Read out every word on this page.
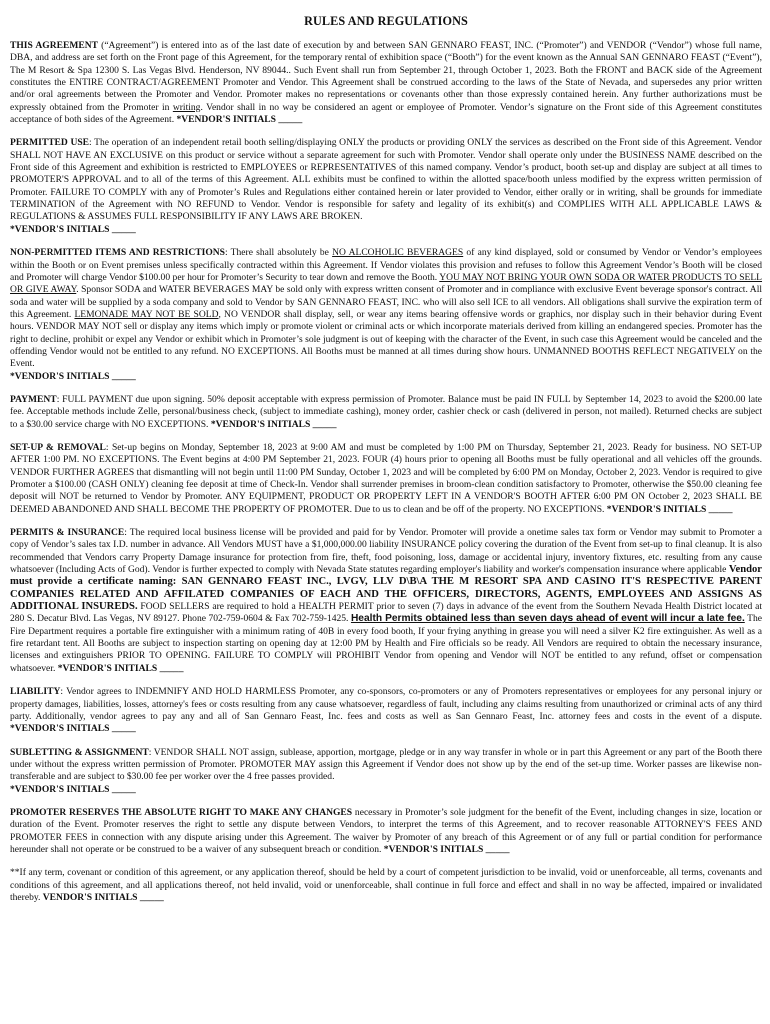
RULES AND REGULATIONS

THIS AGREEMENT (“Agreement”) is entered into as of the last date of execution by and between SAN GENNARO FEAST, INC. (“Promoter”) and VENDOR (“Vendor”) whose full name, DBA, and address are set forth on the Front page of this Agreement, for the temporary rental of exhibition space (“Booth”) for the event known as the Annual SAN GENNARO FEAST (“Event”), The M Resort & Spa 12300 S. Las Vegas Blvd. Henderson, NV 89044.. Such Event shall run from September 21, through October 1, 2023. Both the FRONT and BACK side of the Agreement constitutes the ENTIRE CONTRACT/AGREEMENT Promoter and Vendor. This Agreement shall be construed according to the laws of the State of Nevada, and supersedes any prior written and/or oral agreements between the Promoter and Vendor. Promoter makes no representations or covenants other than those expressly contained herein. Any further authorizations must be expressly obtained from the Promoter in writing. Vendor shall in no way be considered an agent or employee of Promoter. Vendor’s signature on the Front side of this Agreement constitutes acceptance of both sides of the Agreement. *VENDOR'S INITIALS _____

PERMITTED USE: The operation of an independent retail booth selling/displaying ONLY the products or providing ONLY the services as described on the Front side of this Agreement. Vendor SHALL NOT HAVE AN EXCLUSIVE on this product or service without a separate agreement for such with Promoter. Vendor shall operate only under the BUSINESS NAME described on the Front side of this Agreement and exhibition is restricted to EMPLOYEES or REPRESENTATIVES of this named company. Vendor’s product, booth set-up and display are subject at all times to PROMOTER'S APPROVAL and to all of the terms of this Agreement. ALL exhibits must be confined to within the allotted space/booth unless modified by the express written permission of Promoter. FAILURE TO COMPLY with any of Promoter’s Rules and Regulations either contained herein or later provided to Vendor, either orally or in writing, shall be grounds for immediate TERMINATION of the Agreement with NO REFUND to Vendor. Vendor is responsible for safety and legality of its exhibit(s) and COMPLIES WITH ALL APPLICABLE LAWS & REGULATIONS & ASSUMES FULL RESPONSIBILITY IF ANY LAWS ARE BROKEN.
*VENDOR'S INITIALS _____

NON-PERMITTED ITEMS AND RESTRICTIONS: There shall absolutely be NO ALCOHOLIC BEVERAGES of any kind displayed, sold or consumed by Vendor or Vendor’s employees within the Booth or on Event premises unless specifically contracted within this Agreement. If Vendor violates this provision and refuses to follow this Agreement Vendor’s Booth will be closed and Promoter will charge Vendor $100.00 per hour for Promoter’s Security to tear down and remove the Booth. YOU MAY NOT BRING YOUR OWN SODA OR WATER PRODUCTS TO SELL OR GIVE AWAY. Sponsor SODA and WATER BEVERAGES MAY be sold only with express written consent of Promoter and in compliance with exclusive Event beverage sponsor's contract. All soda and water will be supplied by a soda company and sold to Vendor by SAN GENNARO FEAST, INC. who will also sell ICE to all vendors. All obligations shall survive the expiration term of this Agreement. LEMONADE MAY NOT BE SOLD, NO VENDOR shall display, sell, or wear any items bearing offensive words or graphics, nor display such in their behavior during Event hours. VENDOR MAY NOT sell or display any items which imply or promote violent or criminal acts or which incorporate materials derived from killing an endangered species. Promoter has the right to decline, prohibit or expel any Vendor or exhibit which in Promoter’s sole judgment is out of keeping with the character of the Event, in such case this Agreement would be canceled and the offending Vendor would not be entitled to any refund. NO EXCEPTIONS. All Booths must be manned at all times during show hours. UNMANNED BOOTHS REFLECT NEGATIVELY on the Event.
*VENDOR'S INITIALS _____

PAYMENT: FULL PAYMENT due upon signing. 50% deposit acceptable with express permission of Promoter. Balance must be paid IN FULL by September 14, 2023 to avoid the $200.00 late fee. Acceptable methods include Zelle, personal/business check, (subject to immediate cashing), money order, cashier check or cash (delivered in person, not mailed). Returned checks are subject to a $30.00 service charge with NO EXCEPTIONS. *VENDOR'S INITIALS _____

SET-UP & REMOVAL: Set-up begins on Monday, September 18, 2023 at 9:00 AM and must be completed by 1:00 PM on Thursday, September 21, 2023. Ready for business. NO SET-UP AFTER 1:00 PM. NO EXCEPTIONS. The Event begins at 4:00 PM September 21, 2023. FOUR (4) hours prior to opening all Booths must be fully operational and all vehicles off the grounds. VENDOR FURTHER AGREES that dismantling will not begin until 11:00 PM Sunday, October 1, 2023 and will be completed by 6:00 PM on Monday, October 2, 2023. Vendor is required to give Promoter a $100.00 (CASH ONLY) cleaning fee deposit at time of Check-In. Vendor shall surrender premises in broom-clean condition satisfactory to Promoter, otherwise the $50.00 cleaning fee deposit will NOT be returned to Vendor by Promoter. ANY EQUIPMENT, PRODUCT OR PROPERTY LEFT IN A VENDOR'S BOOTH AFTER 6:00 PM ON October 2, 2023 SHALL BE DEEMED ABANDONED AND SHALL BECOME THE PROPERTY OF PROMOTER. Due to us to clean and be off of the property. NO EXCEPTIONS. *VENDOR'S INITIALS _____

PERMITS & INSURANCE: The required local business license will be provided and paid for by Vendor. Promoter will provide a onetime sales tax form or Vendor may submit to Promoter a copy of Vendor’s sales tax I.D. number in advance. All Vendors MUST have a $1,000,000.00 liability INSURANCE policy covering the duration of the Event from set-up to final cleanup. It is also recommended that Vendors carry Property Damage insurance for protection from fire, theft, food poisoning, loss, damage or accidental injury, inventory fixtures, etc. resulting from any cause whatsoever (Including Acts of God). Vendor is further expected to comply with Nevada State statutes regarding employer's liability and worker's compensation insurance where applicable Vendor must provide a certificate naming: SAN GENNARO FEAST INC., LVGV, LLV D\B\A THE M RESORT SPA AND CASINO IT'S RESPECTIVE PARENT COMPANIES RELATED AND AFFILATED COMPANIES OF EACH AND THE OFFICERS, DIRECTORS, AGENTS, EMPLOYEES AND ASSIGNS AS ADDITIONAL INSUREDS. FOOD SELLERS are required to hold a HEALTH PERMIT prior to seven (7) days in advance of the event from the Southern Nevada Health District located at 280 S. Decatur Blvd. Las Vegas, NV 89127. Phone 702-759-0604 & Fax 702-759-1425. Health Permits obtained less than seven days ahead of event will incur a late fee. The Fire Department requires a portable fire extinguisher with a minimum rating of 40B in every food booth, If your frying anything in grease you will need a silver K2 fire extinguisher. As well as a fire retardant tent. All Booths are subject to inspection starting on opening day at 12:00 PM by Health and Fire officials so be ready. All Vendors are required to obtain the necessary insurance, licenses and extinguishers PRIOR TO OPENING. FAILURE TO COMPLY will PROHIBIT Vendor from opening and Vendor will NOT be entitled to any refund, offset or compensation whatsoever. *VENDOR'S INITIALS _____

LIABILITY: Vendor agrees to INDEMNIFY AND HOLD HARMLESS Promoter, any co-sponsors, co-promoters or any of Promoters representatives or employees for any personal injury or property damages, liabilities, losses, attorney's fees or costs resulting from any cause whatsoever, regardless of fault, including any claims resulting from unauthorized or criminal acts of any third party. Additionally, vendor agrees to pay any and all of San Gennaro Feast, Inc. fees and costs as well as San Gennaro Feast, Inc. attorney fees and costs in the event of a dispute. *VENDOR'S INITIALS _____

SUBLETTING & ASSIGNMENT: VENDOR SHALL NOT assign, sublease, apportion, mortgage, pledge or in any way transfer in whole or in part this Agreement or any part of the Booth there under without the express written permission of Promoter. PROMOTER MAY assign this Agreement if Vendor does not show up by the end of the set-up time. Worker passes are likewise non-transferable and are subject to $30.00 fee per worker over the 4 free passes provided.
*VENDOR'S INITIALS _____

PROMOTER RESERVES THE ABSOLUTE RIGHT TO MAKE ANY CHANGES necessary in Promoter’s sole judgment for the benefit of the Event, including changes in size, location or duration of the Event. Promoter reserves the right to settle any dispute between Vendors, to interpret the terms of this Agreement, and to recover reasonable ATTORNEY'S FEES AND PROMOTER FEES in connection with any dispute arising under this Agreement. The waiver by Promoter of any breach of this Agreement or of any full or partial condition for performance hereunder shall not operate or be construed to be a waiver of any subsequent breach or condition. *VENDOR'S INITIALS _____

**If any term, covenant or condition of this agreement, or any application thereof, should be held by a court of competent jurisdiction to be invalid, void or unenforceable, all terms, covenants and conditions of this agreement, and all applications thereof, not held invalid, void or unenforceable, shall continue in full force and effect and shall in no way be affected, impaired or invalidated thereby. VENDOR'S INITIALS _____
